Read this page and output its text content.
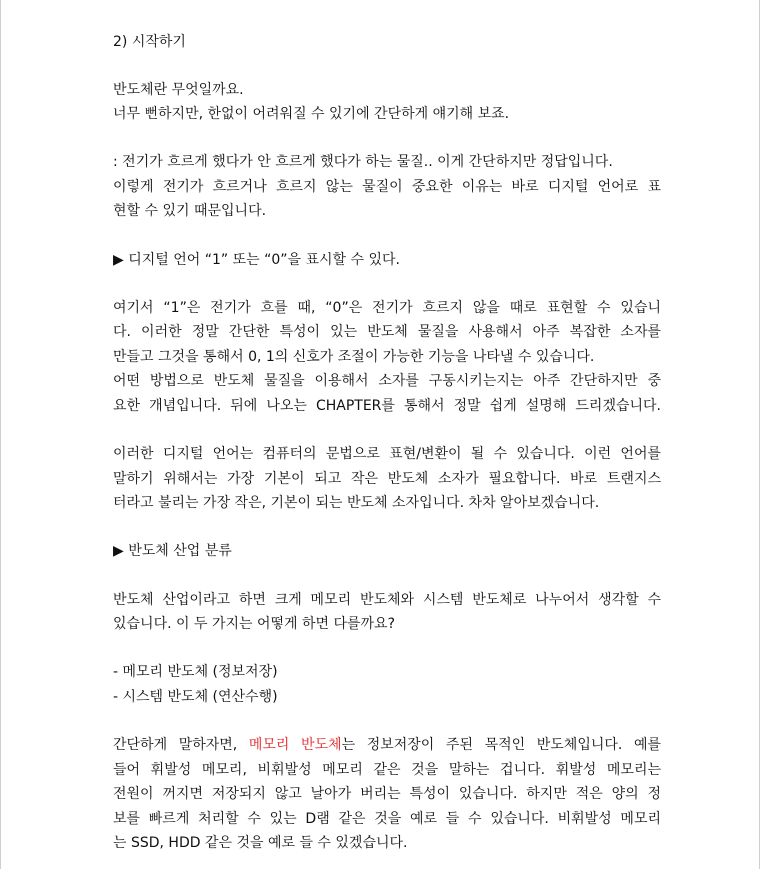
2) 시작하기
반도체란 무엇일까요.
너무 뻔하지만, 한없이 어려워질 수 있기에 간단하게 얘기해 보죠.
: 전기가 흐르게 했다가 안 흐르게 했다가 하는 물질.. 이게 간단하지만 정답입니다.
이렇게 전기가 흐르거나 흐르지 않는 물질이 중요한 이유는 바로 디지털 언어로 표
현할 수 있기 때문입니다.
▶ 디지털 언어 “1” 또는 “0”을 표시할 수 있다.
여기서 “1”은 전기가 흐를 때, “0”은 전기가 흐르지 않을 때로 표현할 수 있습니
다. 이러한 정말 간단한 특성이 있는 반도체 물질을 사용해서 아주 복잡한 소자를
만들고 그것을 통해서 0, 1의 신호가 조절이 가능한 기능을 나타낼 수 있습니다.
어떤 방법으로 반도체 물질을 이용해서 소자를 구동시키는지는 아주 간단하지만 중
요한 개념입니다. 뒤에 나오는 CHAPTER를 통해서 정말 쉽게 설명해 드리겠습니다.
이러한 디지털 언어는 컴퓨터의 문법으로 표현/변환이 될 수 있습니다. 이런 언어를
말하기 위해서는 가장 기본이 되고 작은 반도체 소자가 필요합니다. 바로 트랜지스
터라고 불리는 가장 작은, 기본이 되는 반도체 소자입니다. 차차 알아보겠습니다.
▶ 반도체 산업 분류
반도체 산업이라고 하면 크게 메모리 반도체와 시스템 반도체로 나누어서 생각할 수
있습니다. 이 두 가지는 어떻게 하면 다를까요?
- 메모리 반도체 (정보저장)
- 시스템 반도체 (연산수행)
간단하게 말하자면, 메모리 반도체는 정보저장이 주된 목적인 반도체입니다. 예를
들어 휘발성 메모리, 비휘발성 메모리 같은 것을 말하는 겁니다. 휘발성 메모리는
전원이 꺼지면 저장되지 않고 날아가 버리는 특성이 있습니다. 하지만 적은 양의 정
보를 빠르게 처리할 수 있는 D램 같은 것을 예로 들 수 있습니다. 비휘발성 메모리
는 SSD, HDD 같은 것을 예로 들 수 있겠습니다.
